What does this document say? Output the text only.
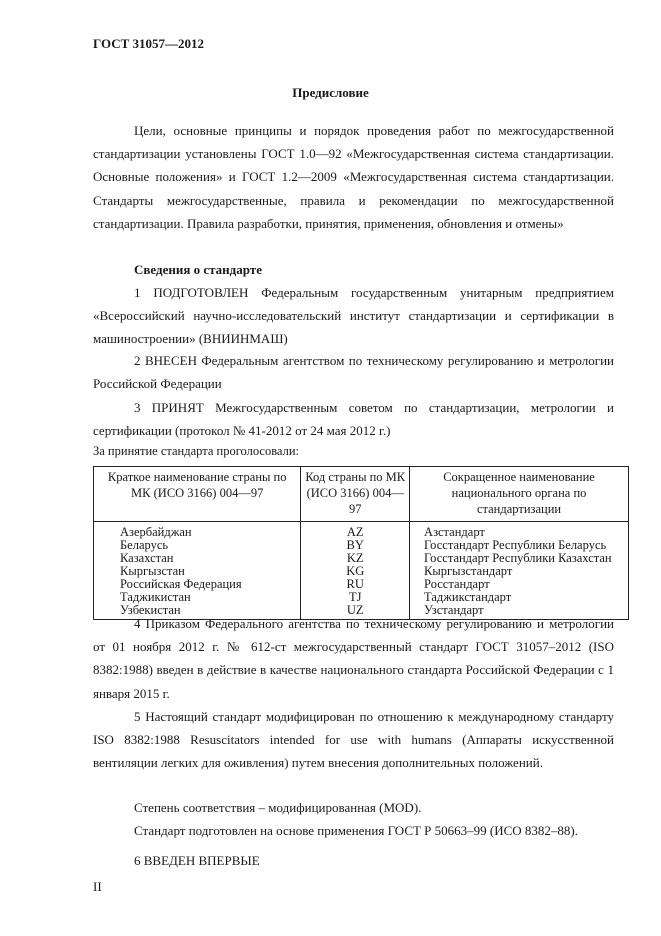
ГОСТ 31057—2012
Предисловие
Цели, основные принципы и порядок проведения работ по межгосударственной стандартизации установлены ГОСТ 1.0—92 «Межгосударственная система стандартизации. Основные положения» и ГОСТ 1.2—2009 «Межгосударственная система стандартизации. Стандарты межгосударственные, правила и рекомендации по межгосударственной стандартизации. Правила разработки, принятия, применения, обновления и отмены»
Сведения о стандарте
1 ПОДГОТОВЛЕН Федеральным государственным унитарным предприятием «Всероссийский научно-исследовательский институт стандартизации и сертификации в машиностроении» (ВНИИНМАШ)
2 ВНЕСЕН Федеральным агентством по техническому регулированию и метрологии Российской Федерации
3 ПРИНЯТ Межгосударственным советом по стандартизации, метрологии и сертификации (протокол № 41-2012 от 24 мая 2012 г.)
За принятие стандарта проголосовали:
Краткое наименование страны по МК (ИСО 3166) 004—97	Код страны по МК (ИСО 3166) 004—97	Сокращенное наименование национального органа по стандартизации
Азербайджан	AZ	Азстандарт
Беларусь	BY	Госстандарт Республики Беларусь
Казахстан	KZ	Госстандарт Республики Казахстан
Кыргызстан	KG	Кыргызстандарт
Российская Федерация	RU	Росстандарт
Таджикистан	TJ	Таджикстандарт
Узбекистан	UZ	Узстандарт
4 Приказом Федерального агентства по техническому регулированию и метрологии от 01 ноября 2012 г. № 612-ст межгосударственный стандарт ГОСТ 31057–2012 (ISO 8382:1988) введен в действие в качестве национального стандарта Российской Федерации с 1 января 2015 г.
5 Настоящий стандарт модифицирован по отношению к международному стандарту ISO 8382:1988 Resuscitators intended for use with humans (Аппараты искусственной вентиляции легких для оживления) путем внесения дополнительных положений.
Степень соответствия – модифицированная (MOD).
Стандарт подготовлен на основе применения ГОСТ Р 50663–99 (ИСО 8382–88).
6 ВВЕДЕН ВПЕРВЫЕ
II
